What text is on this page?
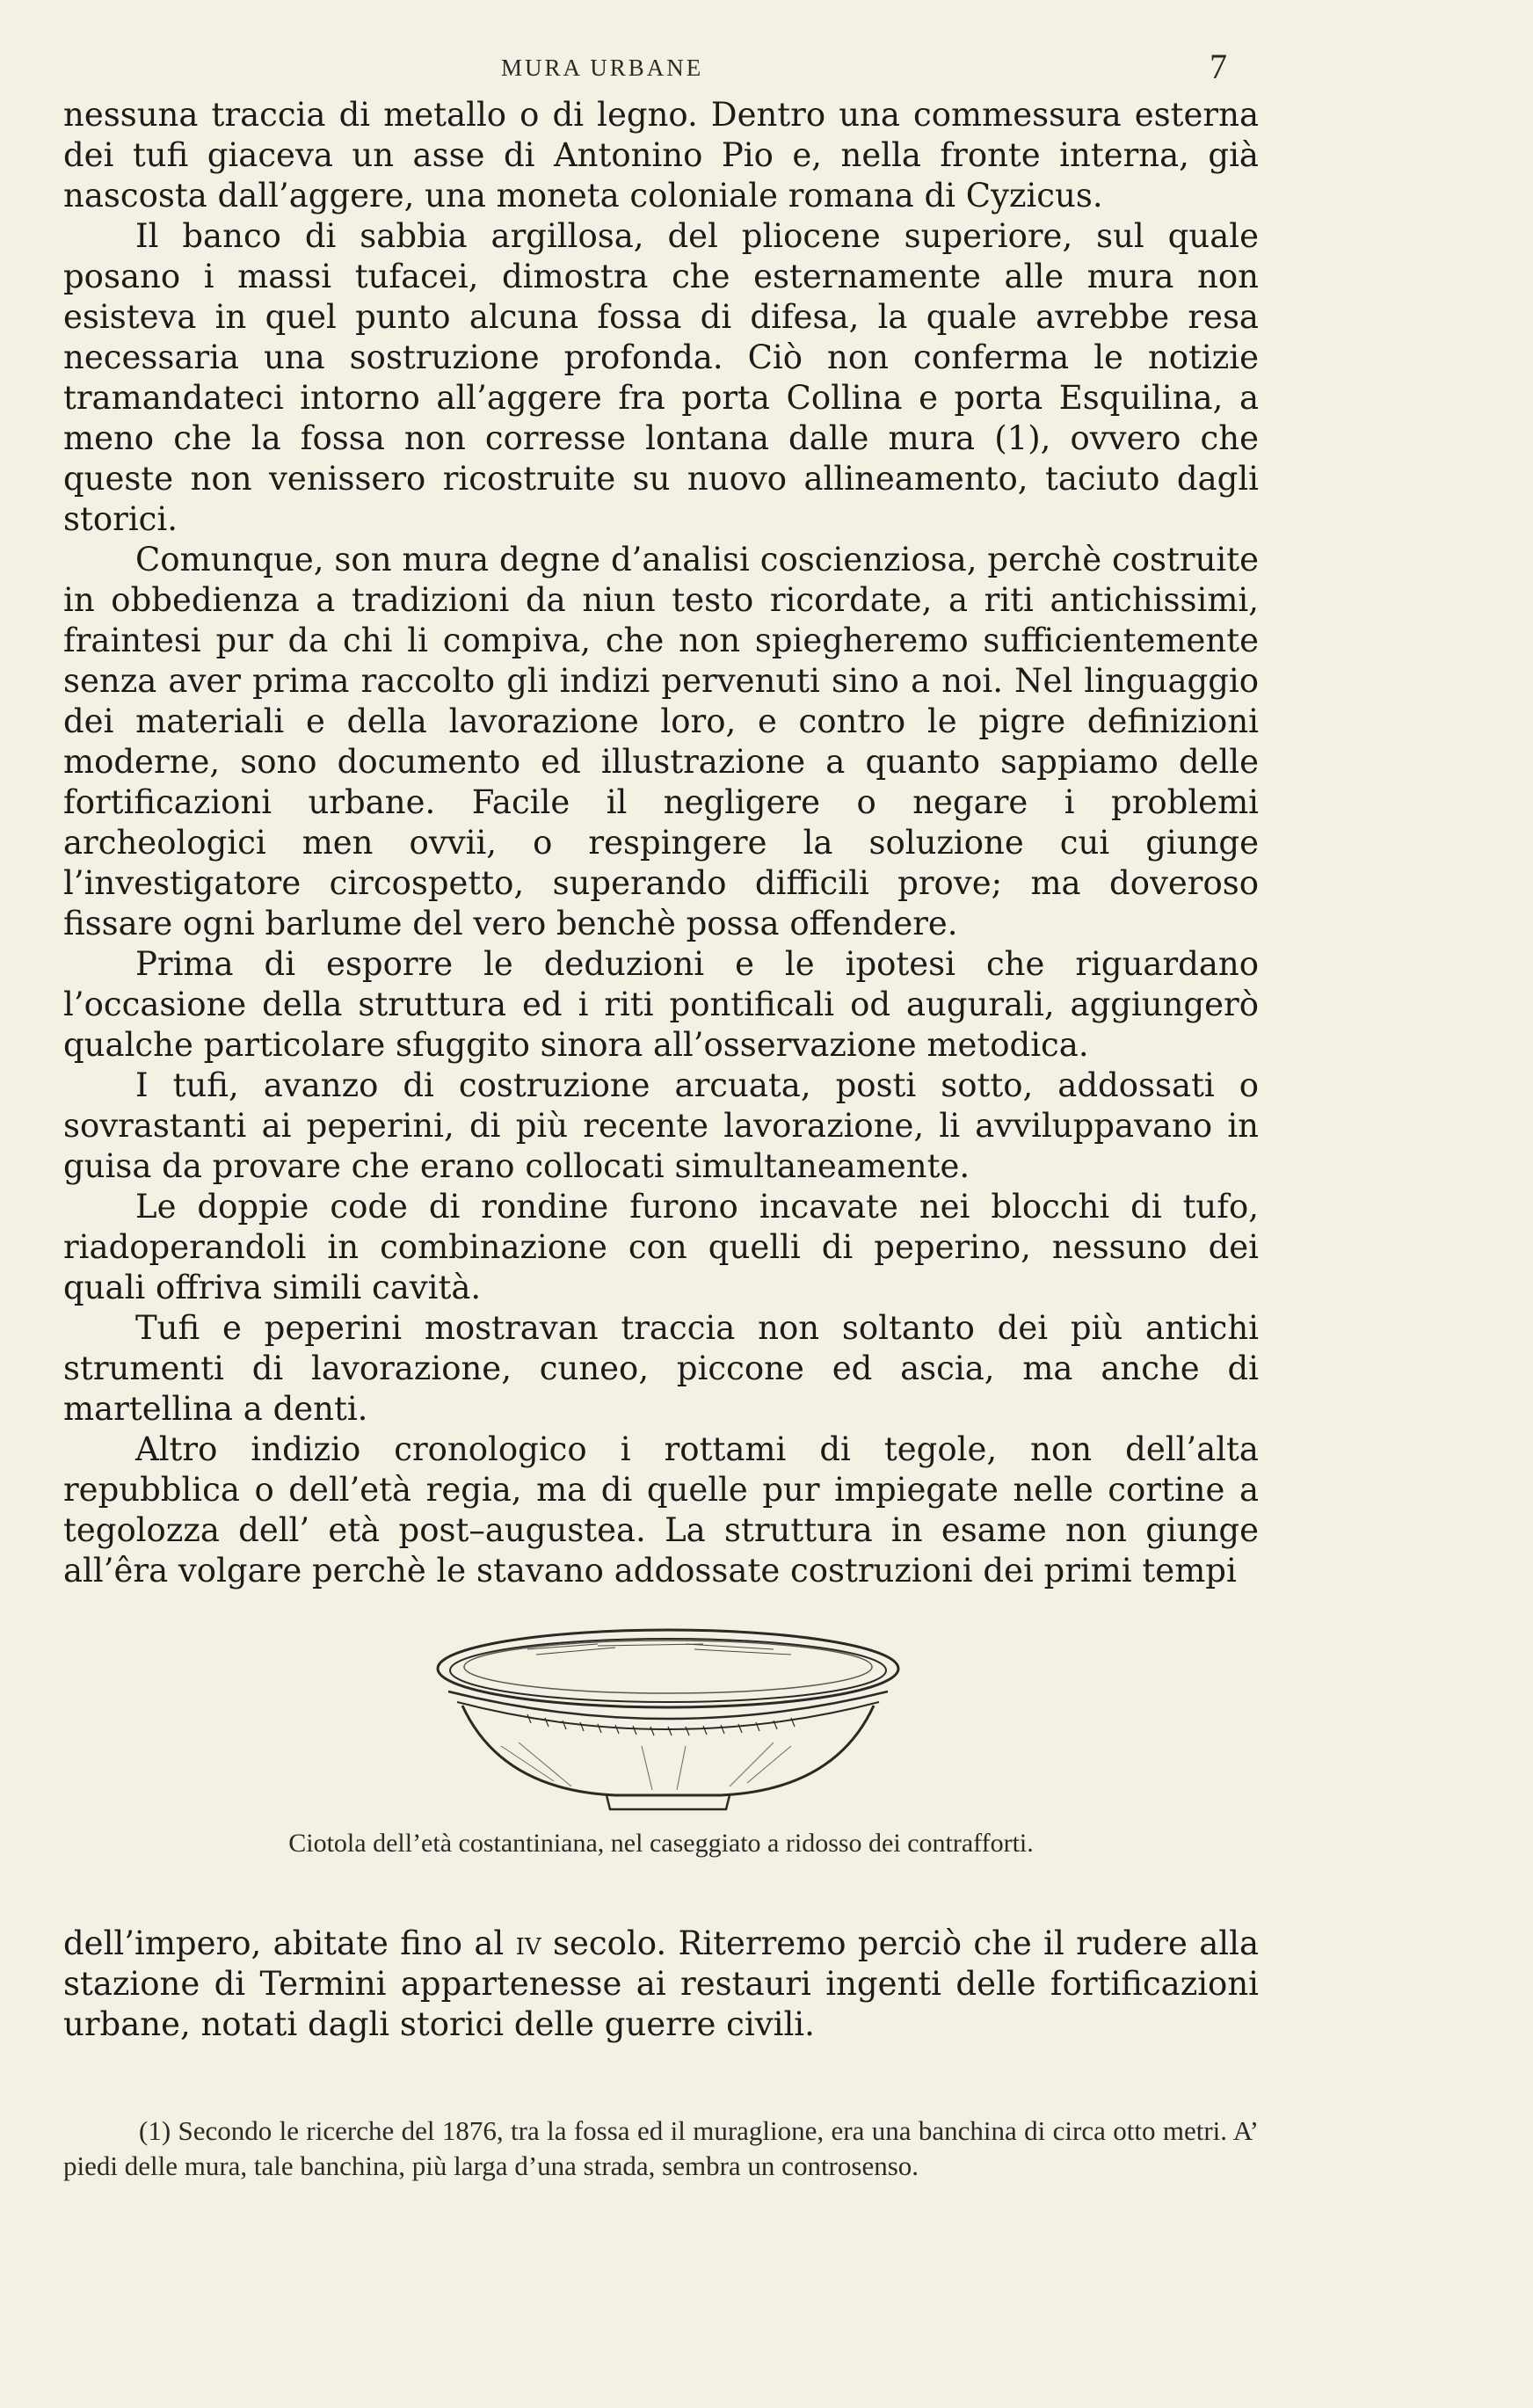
MURA URBANE	7

nessuna traccia di metallo o di legno. Dentro una commessura esterna dei tufi giaceva un asse di Antonino Pio e, nella fronte interna, già nascosta dall’aggere, una moneta coloniale romana di Cyzicus.

Il banco di sabbia argillosa, del pliocene superiore, sul quale posano i massi tufacei, dimostra che esternamente alle mura non esisteva in quel punto alcuna fossa di difesa, la quale avrebbe resa necessaria una sostruzione profonda. Ciò non conferma le notizie tramandateci intorno all’aggere fra porta Collina e porta Esquilina, a meno che la fossa non corresse lontana dalle mura (1), ovvero che queste non venissero ricostruite su nuovo allineamento, taciuto dagli storici.

Comunque, son mura degne d’analisi coscienziosa, perchè costruite in obbedienza a tradizioni da niun testo ricordate, a riti antichissimi, fraintesi pur da chi li compiva, che non spiegheremo sufficientemente senza aver prima raccolto gli indizi pervenuti sino a noi. Nel linguaggio dei materiali e della lavorazione loro, e contro le pigre definizioni moderne, sono documento ed illustrazione a quanto sappiamo delle fortificazioni urbane. Facile il negligere o negare i problemi archeologici men ovvii, o respingere la soluzione cui giunge l’investigatore circospetto, superando difficili prove; ma doveroso fissare ogni barlume del vero benchè possa offendere.

Prima di esporre le deduzioni e le ipotesi che riguardano l’occasione della struttura ed i riti pontificali od augurali, aggiungerò qualche particolare sfuggito sinora all’osservazione metodica.

I tufi, avanzo di costruzione arcuata, posti sotto, addossati o sovrastanti ai peperini, di più recente lavorazione, li avviluppavano in guisa da provare che erano collocati simultaneamente.

Le doppie code di rondine furono incavate nei blocchi di tufo, riadoperandoli in combinazione con quelli di peperino, nessuno dei quali offriva simili cavità.

Tufi e peperini mostravan traccia non soltanto dei più antichi strumenti di lavorazione, cuneo, piccone ed ascia, ma anche di martellina a denti.

Altro indizio cronologico i rottami di tegole, non dell’alta repubblica o dell’età regia, ma di quelle pur impiegate nelle cortine a tegolozza dell’ età post–augustea. La struttura in esame non giunge all’êra volgare perchè le stavano addossate costruzioni dei primi tempi

Ciotola dell’età costantiniana, nel caseggiato a ridosso dei contrafforti.

dell’impero, abitate fino al iv secolo. Riterremo perciò che il rudere alla stazione di Termini appartenesse ai restauri ingenti delle fortificazioni urbane, notati dagli storici delle guerre civili.

(1) Secondo le ricerche del 1876, tra la fossa ed il muraglione, era una banchina di circa otto metri. A’ piedi delle mura, tale banchina, più larga d’una strada, sembra un controsenso.
